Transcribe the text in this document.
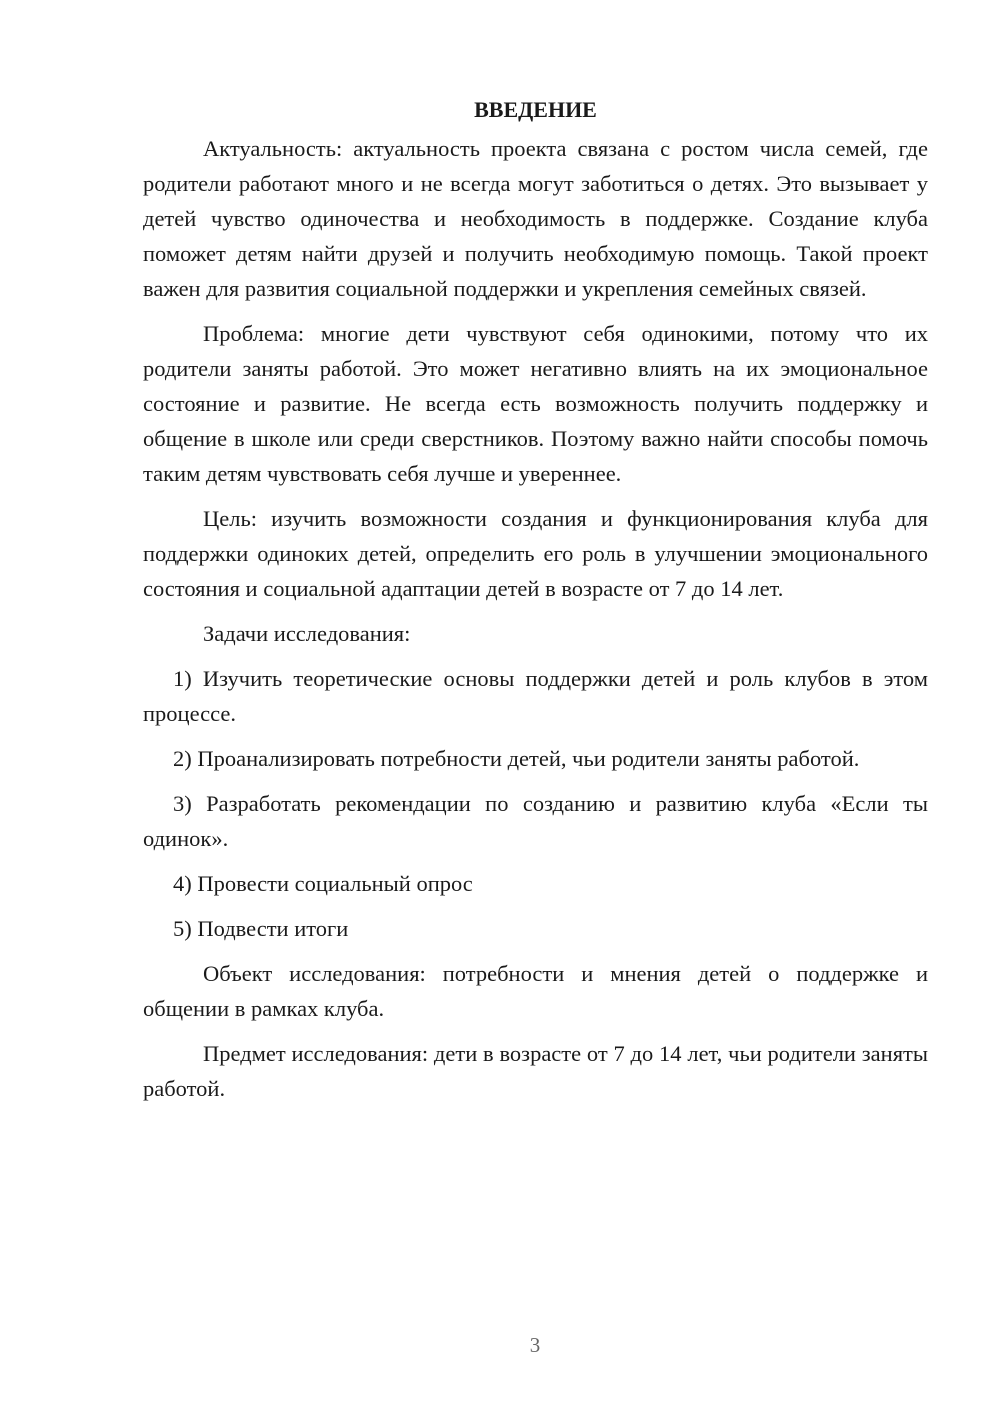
ВВЕДЕНИЕ

Актуальность: актуальность проекта связана с ростом числа семей, где родители работают много и не всегда могут заботиться о детях. Это вызывает у детей чувство одиночества и необходимость в поддержке. Создание клуба поможет детям найти друзей и получить необходимую помощь. Такой проект важен для развития социальной поддержки и укрепления семейных связей.

Проблема: многие дети чувствуют себя одинокими, потому что их родители заняты работой. Это может негативно влиять на их эмоциональное состояние и развитие. Не всегда есть возможность получить поддержку и общение в школе или среди сверстников. Поэтому важно найти способы помочь таким детям чувствовать себя лучше и увереннее.

Цель: изучить возможности создания и функционирования клуба для поддержки одиноких детей, определить его роль в улучшении эмоционального состояния и социальной адаптации детей в возрасте от 7 до 14 лет.

Задачи исследования:

1) Изучить теоретические основы поддержки детей и роль клубов в этом процессе.

2) Проанализировать потребности детей, чьи родители заняты работой.

3) Разработать рекомендации по созданию и развитию клуба «Если ты одинок».

4) Провести социальный опрос

5) Подвести итоги

Объект исследования: потребности и мнения детей о поддержке и общении в рамках клуба.

Предмет исследования: дети в возрасте от 7 до 14 лет, чьи родители заняты работой.

3
